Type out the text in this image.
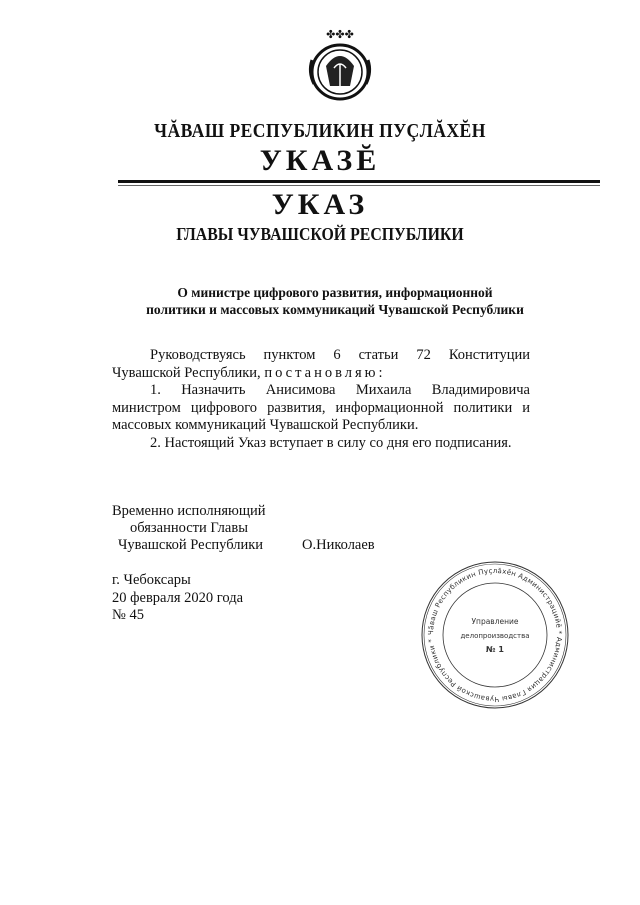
✤✤✤
ЧĂВАШ РЕСПУБЛИКИН ПУÇЛĂХĔН
УКАЗĔ
УКАЗ
ГЛАВЫ ЧУВАШСКОЙ РЕСПУБЛИКИ
О министре цифрового развития, информационной
политики и массовых коммуникаций Чувашской Республики

Руководствуясь пунктом 6 статьи 72 Конституции Чувашской Республики, постановляю:

1. Назначить Анисимова Михаила Владимировича министром цифрового развития, информационной политики и массовых коммуникаций Чувашской Республики.

2. Настоящий Указ вступает в силу со дня его подписания.

Временно исполняющий
обязанности Главы
Чувашской Республики	О.Николаев
г. Чебоксары
20 февраля 2020 года
№ 45
Чăваш Республикин Пуçлăхĕн Администрацийĕ * Администрация Главы Чувашской Республики *
Управление
делопроизводства
№ 1
